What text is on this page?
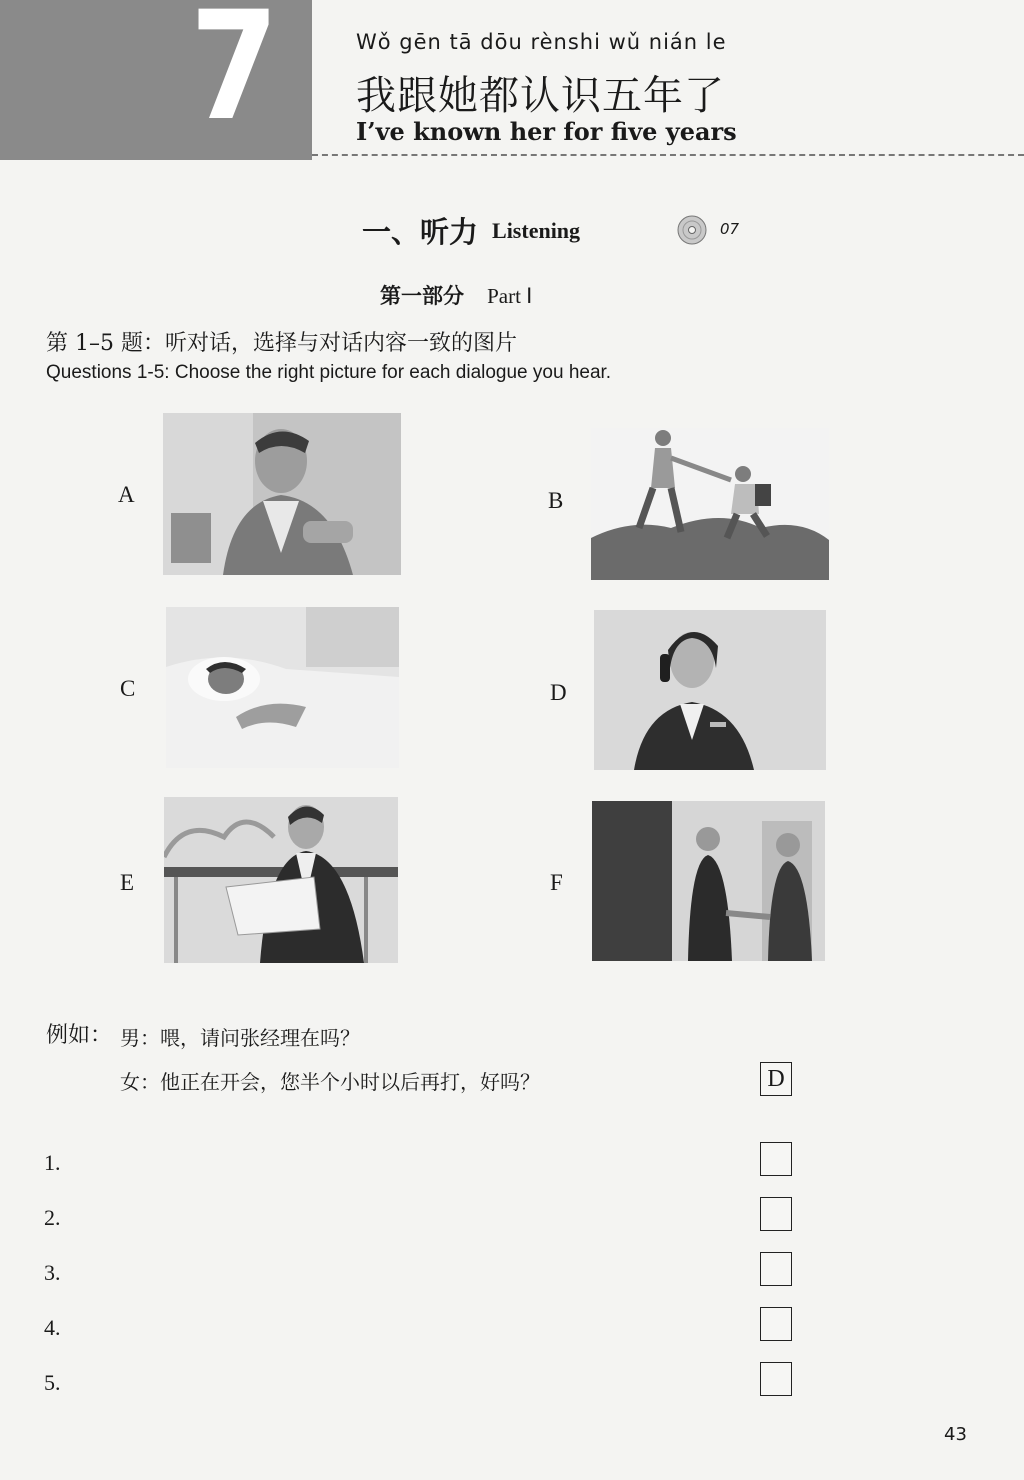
7	Wǒ gēn tā dōu rènshi wǔ nián le
我跟她都认识五年了
I’ve known her for five years
一、听力 Listening	07
第一部分 Part Ⅰ
第 1–5 题：听对话，选择与对话内容一致的图片
Questions 1-5: Choose the right picture for each dialogue you hear.
A	B
C	D
E	F
例如： 男：喂，请问张经理在吗？
女：他正在开会，您半个小时以后再打，好吗？	D
1.
2.
3.
4.
5.
43
